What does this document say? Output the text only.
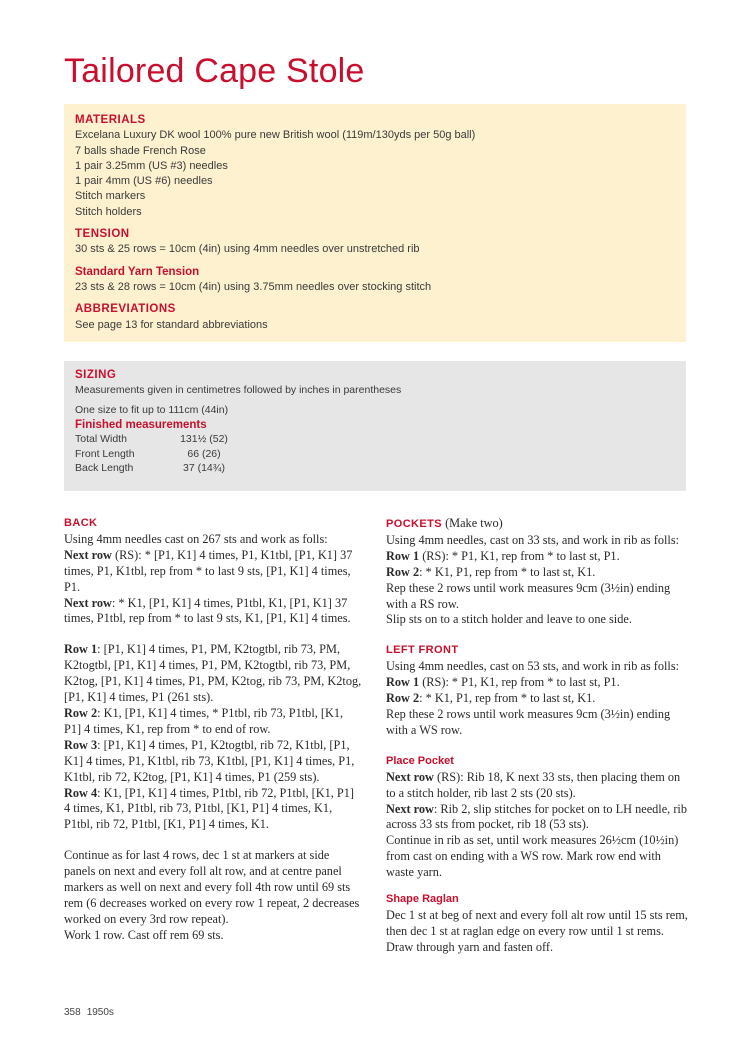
Tailored Cape Stole
MATERIALS
Excelana Luxury DK wool 100% pure new British wool (119m/130yds per 50g ball)
7 balls shade French Rose
1 pair 3.25mm (US #3) needles
1 pair 4mm (US #6) needles
Stitch markers
Stitch holders
TENSION
30 sts & 25 rows = 10cm (4in) using 4mm needles over unstretched rib
Standard Yarn Tension
23 sts & 28 rows = 10cm (4in) using 3.75mm needles over stocking stitch
ABBREVIATIONS
See page 13 for standard abbreviations
SIZING
Measurements given in centimetres followed by inches in parentheses
One size to fit up to 111cm (44in)
Finished measurements
Total Width	131½ (52)
Front Length	66 (26)
Back Length	37 (14¾)
BACK
Using 4mm needles cast on 267 sts and work as folls:
Next row (RS): * [P1, K1] 4 times, P1, K1tbl, [P1, K1] 37 times, P1, K1tbl, rep from * to last 9 sts, [P1, K1] 4 times, P1.
Next row: * K1, [P1, K1] 4 times, P1tbl, K1, [P1, K1] 37 times, P1tbl, rep from * to last 9 sts, K1, [P1, K1] 4 times.
Row 1: [P1, K1] 4 times, P1, PM, K2togtbl, rib 73, PM, K2togtbl, [P1, K1] 4 times, P1, PM, K2togtbl, rib 73, PM, K2tog, [P1, K1] 4 times, P1, PM, K2tog, rib 73, PM, K2tog, [P1, K1] 4 times, P1 (261 sts).
Row 2: K1, [P1, K1] 4 times, * P1tbl, rib 73, P1tbl, [K1, P1] 4 times, K1, rep from * to end of row.
Row 3: [P1, K1] 4 times, P1, K2togtbl, rib 72, K1tbl, [P1, K1] 4 times, P1, K1tbl, rib 73, K1tbl, [P1, K1] 4 times, P1, K1tbl, rib 72, K2tog, [P1, K1] 4 times, P1 (259 sts).
Row 4: K1, [P1, K1] 4 times, P1tbl, rib 72, P1tbl, [K1, P1] 4 times, K1, P1tbl, rib 73, P1tbl, [K1, P1] 4 times, K1, P1tbl, rib 72, P1tbl, [K1, P1] 4 times, K1.
Continue as for last 4 rows, dec 1 st at markers at side panels on next and every foll alt row, and at centre panel markers as well on next and every foll 4th row until 69 sts rem (6 decreases worked on every row 1 repeat, 2 decreases worked on every 3rd row repeat).
Work 1 row. Cast off rem 69 sts.
POCKETS (Make two)
Using 4mm needles, cast on 33 sts, and work in rib as folls:
Row 1 (RS): * P1, K1, rep from * to last st, P1.
Row 2: * K1, P1, rep from * to last st, K1.
Rep these 2 rows until work measures 9cm (3½in) ending with a RS row.
Slip sts on to a stitch holder and leave to one side.
LEFT FRONT
Using 4mm needles, cast on 53 sts, and work in rib as folls:
Row 1 (RS): * P1, K1, rep from * to last st, P1.
Row 2: * K1, P1, rep from * to last st, K1.
Rep these 2 rows until work measures 9cm (3½in) ending with a WS row.
Place Pocket
Next row (RS): Rib 18, K next 33 sts, then placing them on to a stitch holder, rib last 2 sts (20 sts).
Next row: Rib 2, slip stitches for pocket on to LH needle, rib across 33 sts from pocket, rib 18 (53 sts).
Continue in rib as set, until work measures 26½cm (10½in) from cast on ending with a WS row. Mark row end with waste yarn.
Shape Raglan
Dec 1 st at beg of next and every foll alt row until 15 sts rem, then dec 1 st at raglan edge on every row until 1 st rems. Draw through yarn and fasten off.
358 1950s
